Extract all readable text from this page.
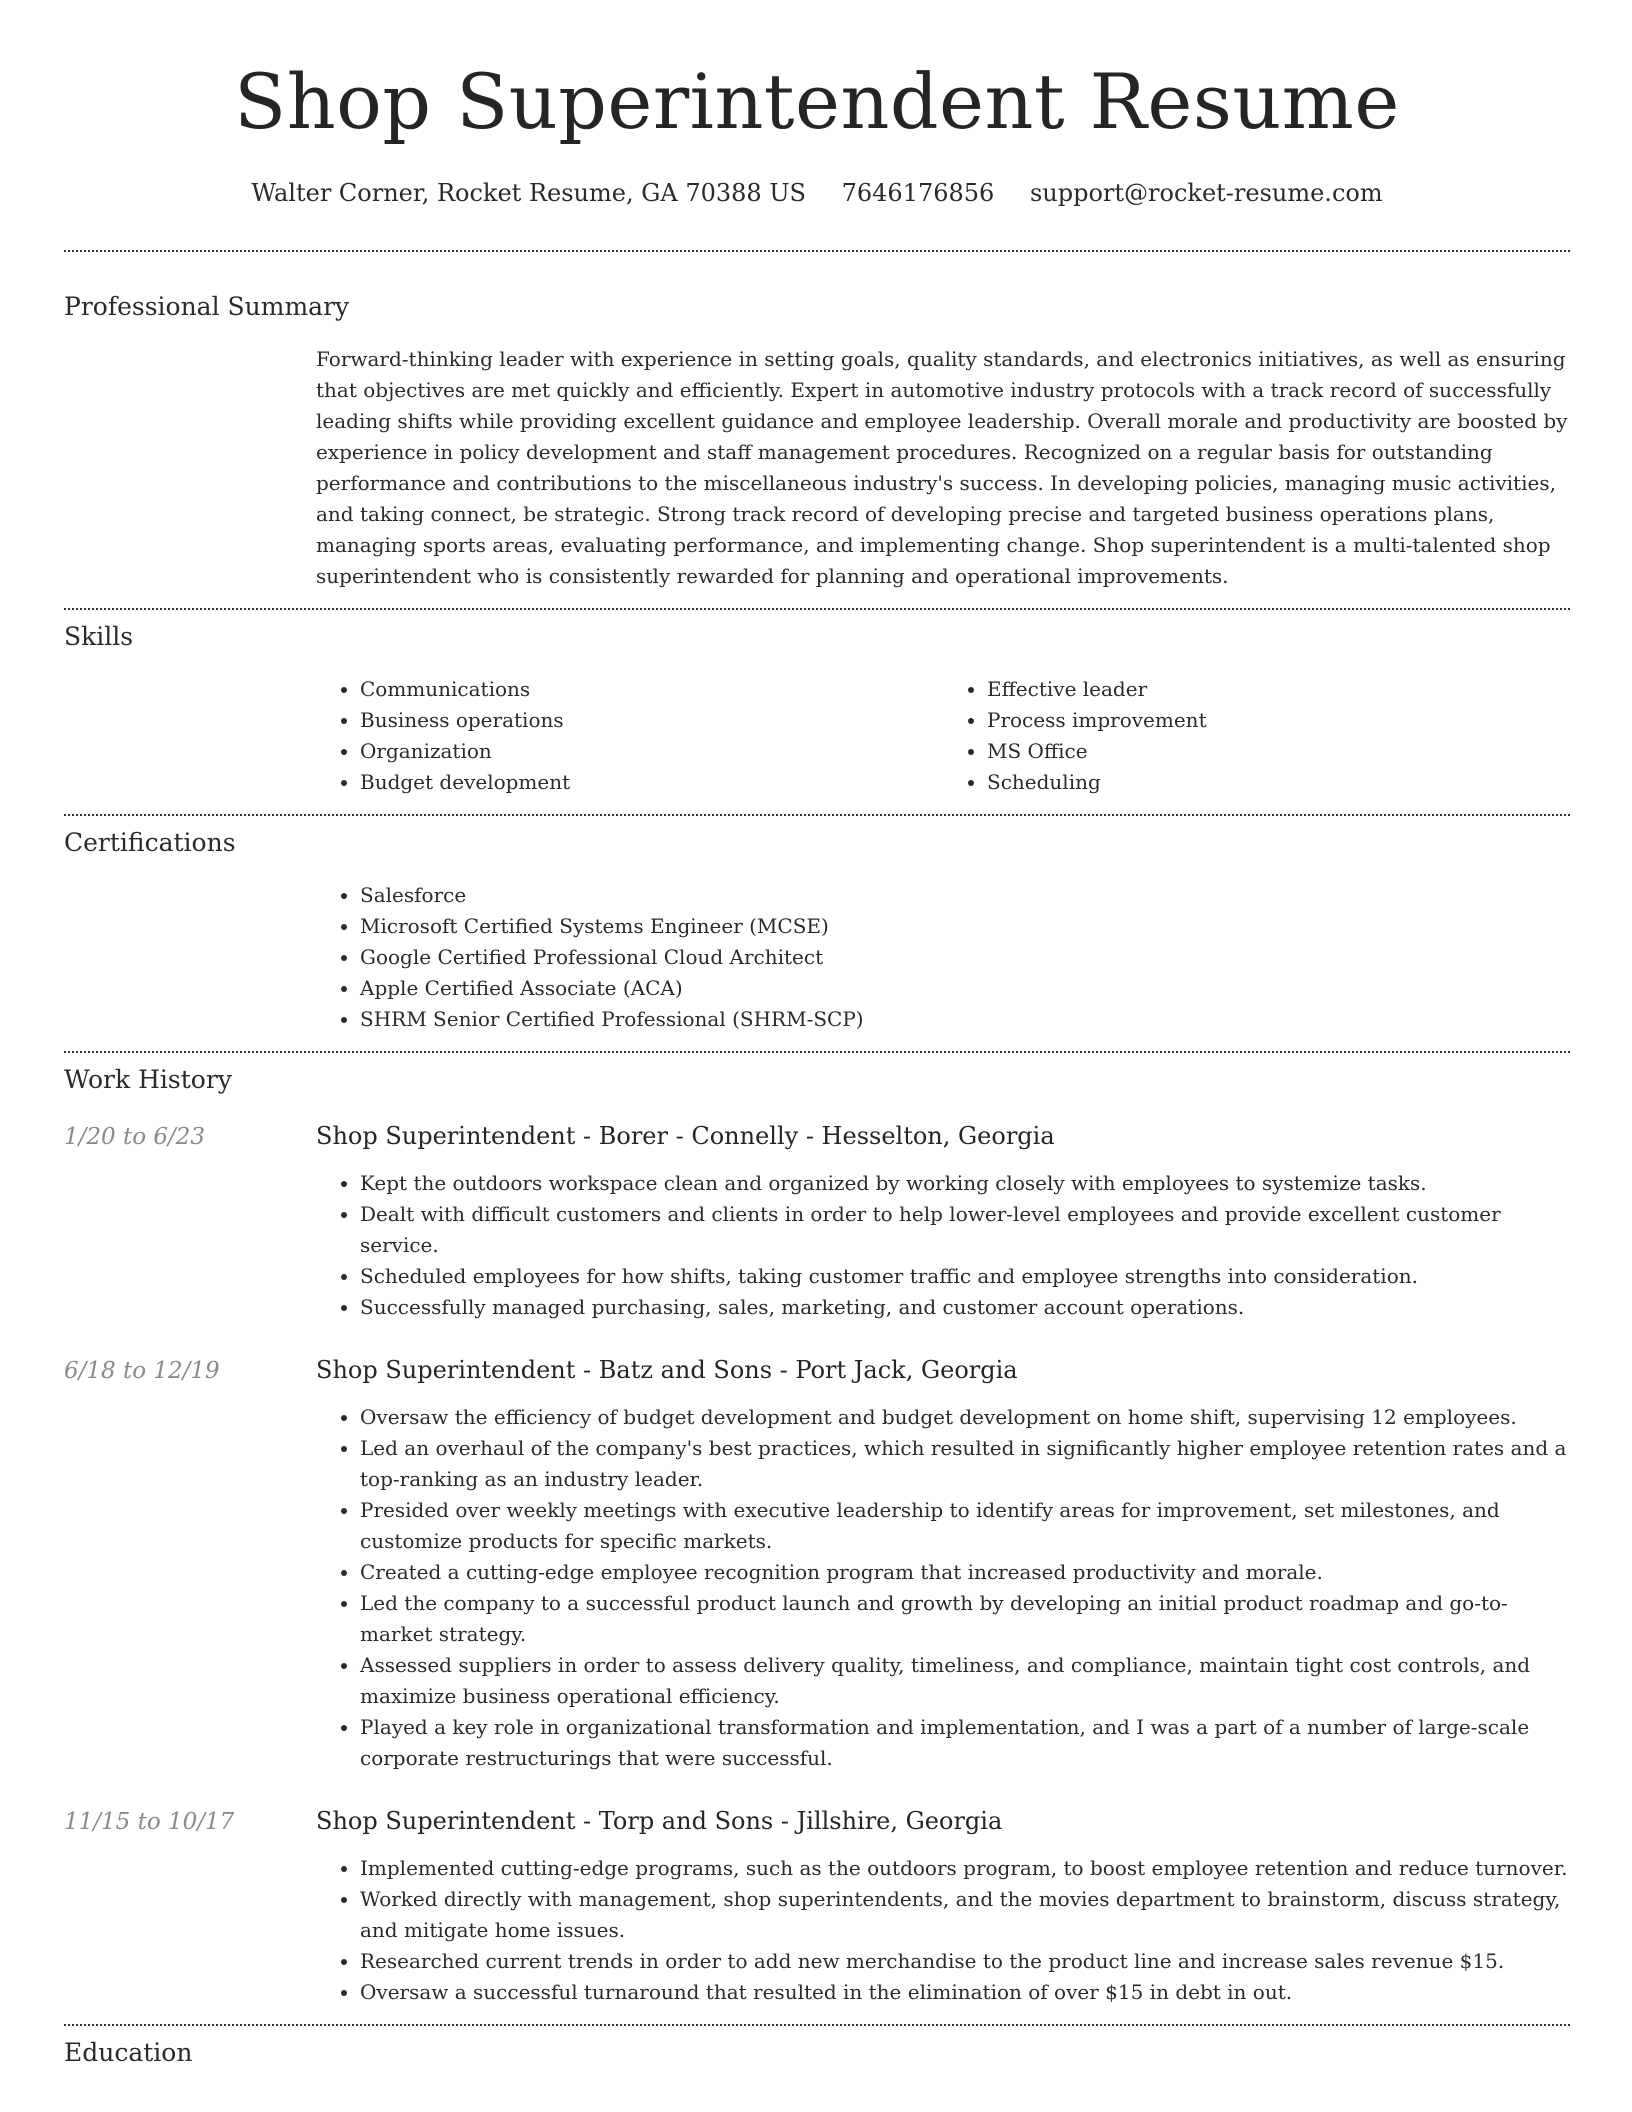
Shop Superintendent Resume
Walter Corner, Rocket Resume, GA 70388 US 7646176856 support@rocket-resume.com
Professional Summary

Forward-thinking leader with experience in setting goals, quality standards, and electronics initiatives, as well as ensuring that objectives are met quickly and efficiently. Expert in automotive industry protocols with a track record of successfully leading shifts while providing excellent guidance and employee leadership. Overall morale and productivity are boosted by experience in policy development and staff management procedures. Recognized on a regular basis for outstanding performance and contributions to the miscellaneous industry's success. In developing policies, managing music activities, and taking connect, be strategic. Strong track record of developing precise and targeted business operations plans, managing sports areas, evaluating performance, and implementing change. Shop superintendent is a multi-talented shop superintendent who is consistently rewarded for planning and operational improvements.

Skills
• Communications
• Business operations
• Organization
• Budget development
• Effective leader
• Process improvement
• MS Office
• Scheduling
Certifications
• Salesforce
• Microsoft Certified Systems Engineer (MCSE)
• Google Certified Professional Cloud Architect
• Apple Certified Associate (ACA)
• SHRM Senior Certified Professional (SHRM-SCP)
Work History
1/20 to 6/23	Shop Superintendent - Borer - Connelly - Hesselton, Georgia
• Kept the outdoors workspace clean and organized by working closely with employees to systemize tasks.
• Dealt with difficult customers and clients in order to help lower-level employees and provide excellent customer service.
• Scheduled employees for how shifts, taking customer traffic and employee strengths into consideration.
• Successfully managed purchasing, sales, marketing, and customer account operations.
6/18 to 12/19	Shop Superintendent - Batz and Sons - Port Jack, Georgia
• Oversaw the efficiency of budget development and budget development on home shift, supervising 12 employees.
• Led an overhaul of the company's best practices, which resulted in significantly higher employee retention rates and a top-ranking as an industry leader.
• Presided over weekly meetings with executive leadership to identify areas for improvement, set milestones, and customize products for specific markets.
• Created a cutting-edge employee recognition program that increased productivity and morale.
• Led the company to a successful product launch and growth by developing an initial product roadmap and go-to-market strategy.
• Assessed suppliers in order to assess delivery quality, timeliness, and compliance, maintain tight cost controls, and maximize business operational efficiency.
• Played a key role in organizational transformation and implementation, and I was a part of a number of large-scale corporate restructurings that were successful.
11/15 to 10/17	Shop Superintendent - Torp and Sons - Jillshire, Georgia
• Implemented cutting-edge programs, such as the outdoors program, to boost employee retention and reduce turnover.
• Worked directly with management, shop superintendents, and the movies department to brainstorm, discuss strategy, and mitigate home issues.
• Researched current trends in order to add new merchandise to the product line and increase sales revenue $15.
• Oversaw a successful turnaround that resulted in the elimination of over $15 in debt in out.
Education
